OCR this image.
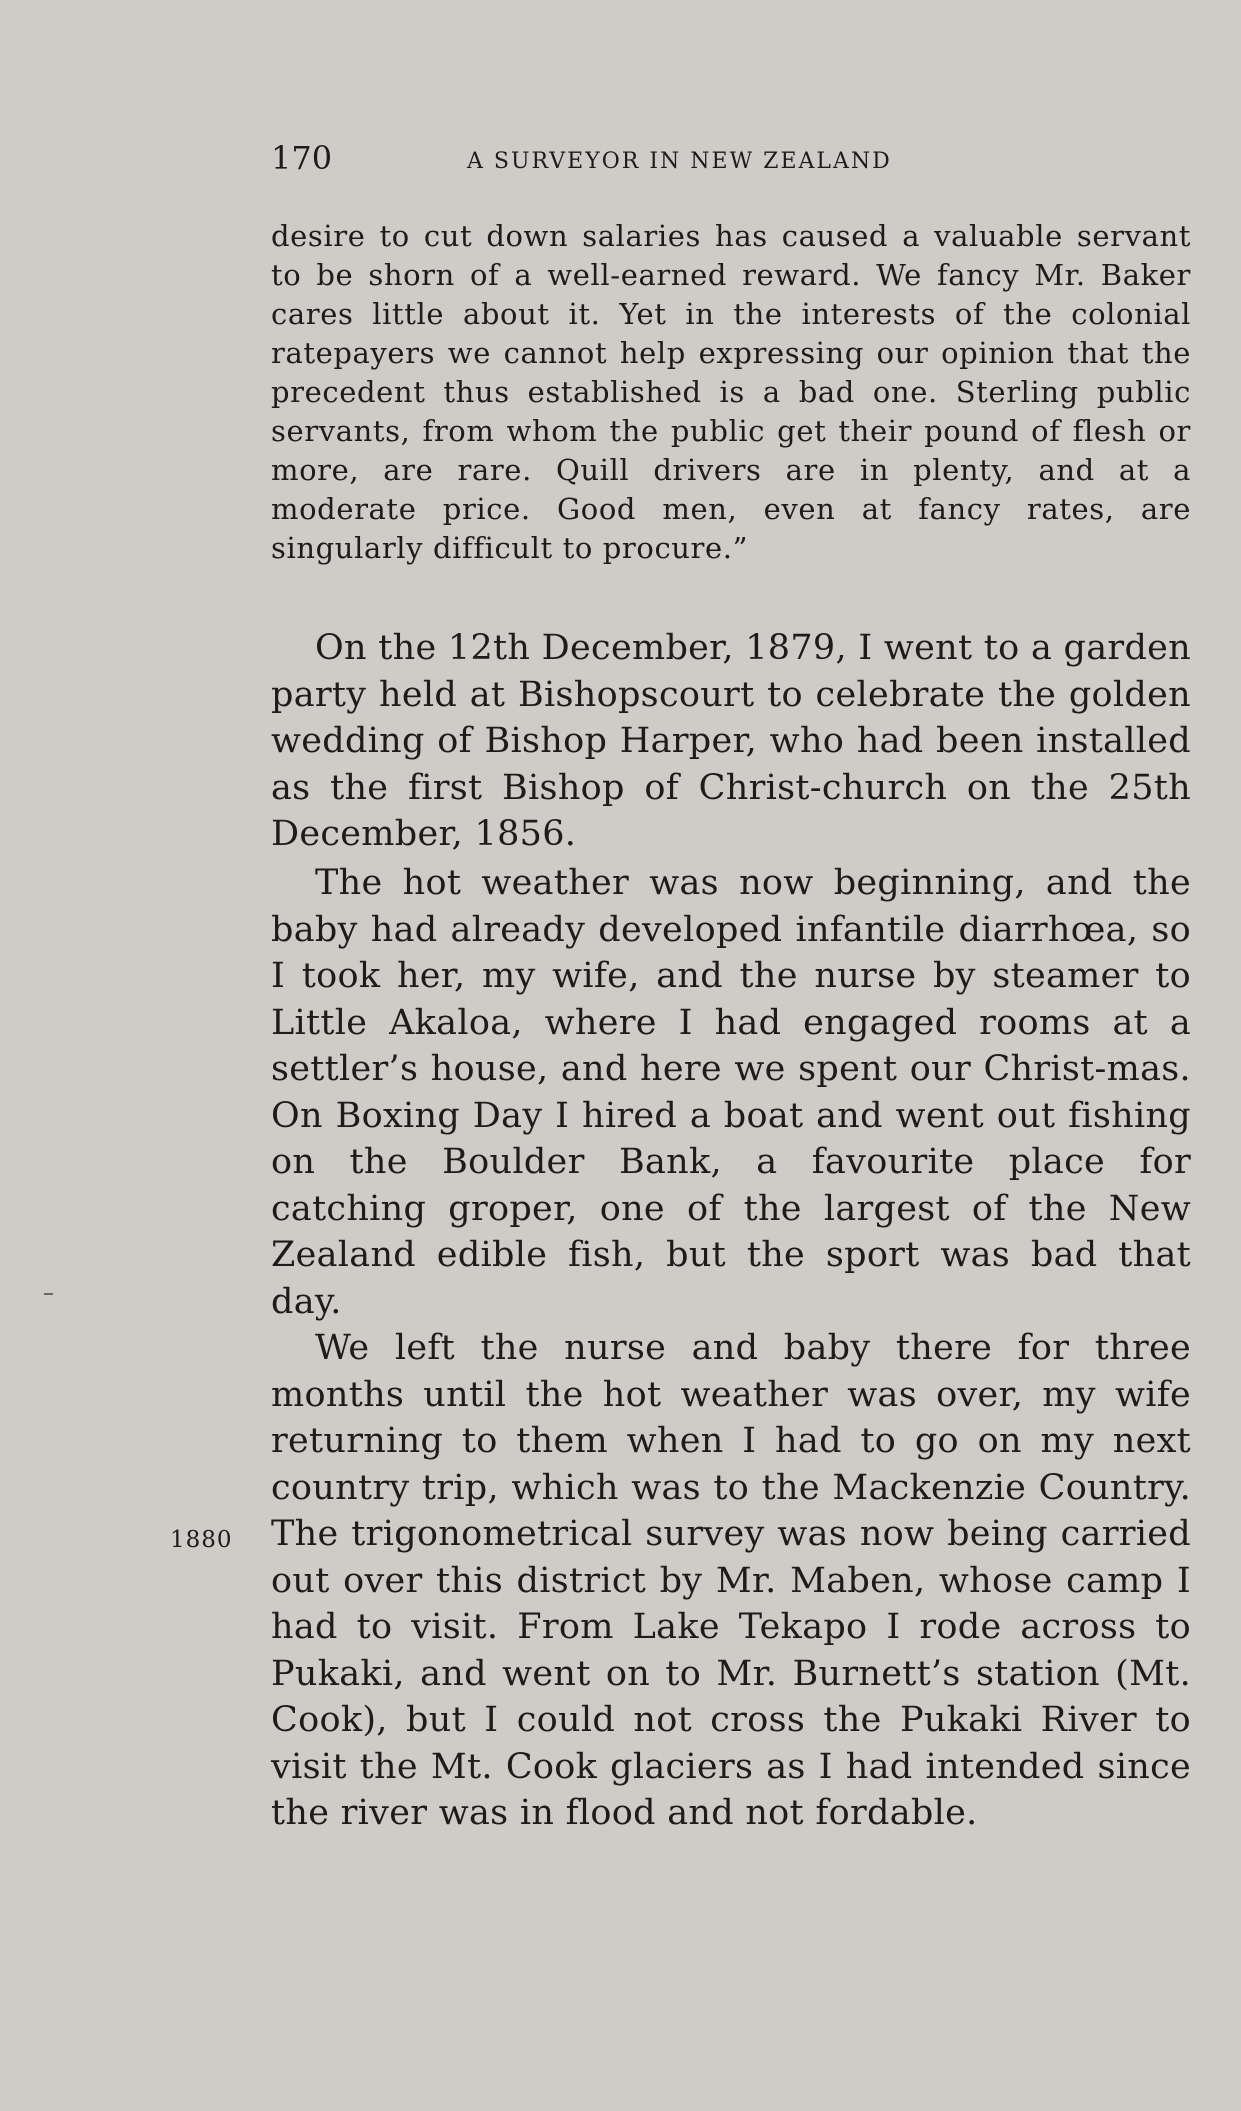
170	A SURVEYOR IN NEW ZEALAND

desire to cut down salaries has caused a valuable servant to be shorn of a well-earned reward. We fancy Mr. Baker cares little about it. Yet in the interests of the colonial ratepayers we cannot help expressing our opinion that the precedent thus established is a bad one. Sterling public servants, from whom the public get their pound of flesh or more, are rare. Quill drivers are in plenty, and at a moderate price. Good men, even at fancy rates, are singularly difficult to procure.”

On the 12th December, 1879, I went to a garden party held at Bishopscourt to celebrate the golden wedding of Bishop Harper, who had been installed as the first Bishop of Christ-church on the 25th December, 1856.

The hot weather was now beginning, and the baby had already developed infantile diarrhœa, so I took her, my wife, and the nurse by steamer to Little Akaloa, where I had engaged rooms at a settler’s house, and here we spent our Christ-mas. On Boxing Day I hired a boat and went out fishing on the Boulder Bank, a favourite place for catching groper, one of the largest of the New Zealand edible fish, but the sport was bad that day.

We left the nurse and baby there for three months until the hot weather was over, my wife returning to them when I had to go on my next country trip, which was to the Mackenzie Country. The trigonometrical survey was now being carried out over this district by Mr. Maben, whose camp I had to visit. From Lake Tekapo I rode across to Pukaki, and went on to Mr. Burnett’s station (Mt. Cook), but I could not cross the Pukaki River to visit the Mt. Cook glaciers as I had intended since the river was in flood and not fordable.

1880
